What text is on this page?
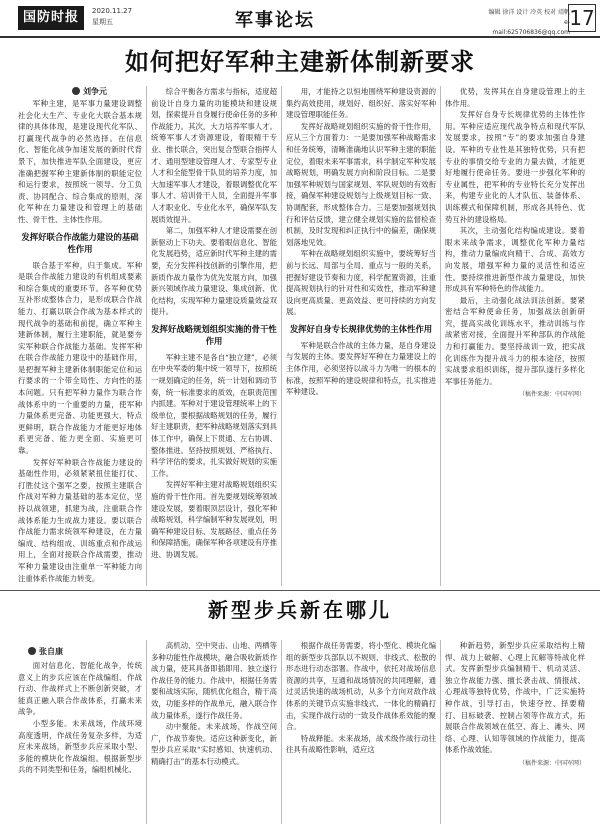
国防时报	2020.11.27
星期五	军事论坛	编辑 徐洋 设计 冷英 校对 靖帆
e-mail:625706836@qq.com
17
如何把好军种主建新体制新要求
刘争元

军种主建，是军事力量建设调整社会化大生产、专业化大联合基本规律的具体体现，是建设现代化军队、打赢现代战争的必然选择。在信息化、智能化战争加速发展的新时代背景下，加快推进军队全面建设，更应准确把握军种主建新体制的职能定位和运行要求，按照统一领导、分工负责、协同配合、综合集成的原则，深化军种在力量建设和管理上的基础性、骨干性、主体性作用。

发挥好联合作战能力建设的基础性作用

联合基于军种，归于集成。军种是联合作战能力建设的有机组成要素和综合集成的重要环节。各军种优势互补形成整体合力，是形成联合作战能力、打赢以联合作战为基本样式的现代战争的基础和前提，确立军种主建新体制，履行主建职能，就是要夯实军种联合作战能力基础。发挥军种在联合作战能力建设中的基础作用，是把握军种主建新体制职能定位和运行要求的一个带全局性、方向性的基本问题。只有把军种力量作为联合作战体系中的一个重要的力量，使军种力量体系更完备、功能更强大、特点更鲜明，联合作战能力才能更好地体系更完备、能力更全面、实施更可靠。

发挥好军种联合作战能力建设的基础性作用，必须紧紧扭住能打仗、打胜仗这个强军之要，按照主建联合作战对军种力量基础的基本定位，坚持以战领建，抓建为战，注重联合作战体系能力生成战力建设。要以联合作战能力需求统领军种建设，在力量编成、结构组成、训练重点和作战运用上，全面对接联合作战需要，推动军种力量建设由注重单一军种能力向注重体系作战能力转变。

综合平衡各方需求与指标，适度超前设计自身力量的功能模块和建设规划，探索提升自身履行使命任务的多种作战能力。其次，大力培养军事人才。统筹军事人才资源建设，着眼精干专业、推长联合，突出复合型联合指挥人才、通用型建设管理人才、专家型专业人才和全能型骨干队员的培养力度，加大加速军事人才建设，着眼调整优化军事人才、培训骨干人员，全面提升军事人才职业化、专业化水平，确保军队发展质效提升。

第二，加强军种人才建设需要在创新驱动上下功夫。要着眼信息化、智能化发展趋势，适应新时代军种主建的需要，充分发挥科技创新的引擎作用，把新质作战力量作为优先发展方向，加强新兴领域作战力量建设、集成创新、优化结构，实现军种力量建设质量效益双提升。

发挥好战略规划组织实施的骨干性作用

军种主建不是各自“独立建”，必须在中央军委的集中统一领导下，按照统一规划确定的任务，统一计划和调动节奏，统一标准要求的质效，在职责范围内抓建。军种对于建设管理统率上的下级单位，要根据战略规划的任务，履行好主建职责，把军种战略规划落实到具体工作中，确保上下贯通、左右协调、整体推进。坚持按照规划、严格执行、科学评估的要求，扎实做好规划的实施工作。

发挥好军种主建对战略规划组织实施的骨干性作用。首先要规划统筹领域建设发展，要着眼顶层设计，强化军种战略规划，科学编制军种发展规划，明确军种建设目标、发展路径、重点任务和保障措施，确保军种各项建设有序推进、协调发展。

用，才能持之以恒地围绕军种建设资源的集约高效使用，规划好、组织好、落实好军种建设管理职能任务。

发挥好战略规划组织实施的骨干性作用，应从三个方面着力：一是要加强军种战略需求和任务统筹，清晰准确地认识军种主建的职能定位，着眼未来军事需求，科学制定军种发展战略规划，明确发展方向和阶段目标。二是要加强军种规划与国家规划、军队规划的有效衔接，确保军种建设规划与上级规划目标一致、协调配套，形成整体合力。三是要加强规划执行和评估反馈，建立健全规划实施的监督检查机制，及时发现和纠正执行中的偏差，确保规划落地见效。

军种在战略规划组织实施中，要统筹好当前与长远、局部与全局、重点与一般的关系，把握好建设节奏和力度，科学配置资源，注重提高规划执行的针对性和实效性，推动军种建设向更高质量、更高效益、更可持续的方向发展。

发挥好自身专长规律优势的主体性作用

军种是联合作战的主体力量，是自身建设与发展的主体。要发挥好军种在力量建设上的主体作用，必须坚持以战斗力为唯一的根本的标准，按照军种的建设规律和特点，扎实推进军种建设。

优势，发挥其在自身建设管理上的主体作用。

发挥好自身专长规律优势的主体性作用。军种应适应现代战争特点和现代军队发展要求，按照“专”的要求加强自身建设。军种的专业性是其独特优势，只有把专业的事情交给专业的力量去做，才能更好地履行使命任务。要进一步强化军种的专业属性，把军种的专业特长充分发挥出来，构建专业化的人才队伍、装备体系、训练模式和保障机制，形成各具特色、优势互补的建设格局。

其次，主动强化结构编成建设。要着眼未来战争需求，调整优化军种力量结构，推动力量编成向精干、合成、高效方向发展，增强军种力量的灵活性和适应性。要持续推进新型作战力量建设，加快形成具有军种特色的作战能力。

最后，主动强化战法训法创新。要紧密结合军种使命任务，加强战法创新研究，提高实战化训练水平，推动训练与作战紧密对接，全面提升军种部队的作战能力和打赢能力。要坚持战训一致，把实战化训练作为提升战斗力的根本途径，按照实战要求组织训练，提升部队遂行多样化军事任务能力。

（稿件来源：中国军网）
新型步兵新在哪儿
张自康

面对信息化、智能化战争，传统意义上的步兵应该在作战编组、作战行动、作战样式上不断创新突破，才能真正融入联合作战体系，打赢未来战争。

小型多能。未来战场，作战环境高度透明，作战任务复杂多样，为适应未来战场，新型步兵应采取小型、多能的模块化作战编组。根据新型步兵的不同类型和任务，编组机械化、

高机动、空中突击、山地、两栖等多种功能性作战模块，融合吸收新质作战力量，使其具备即插即用、独立遂行作战任务的能力。作战中，根据任务需要和战场实际，随机优化组合，精干高效，功能多样的作战单元，融入联合作战力量体系，遂行作战任务。

动中聚能。未来战场，作战空间广，作战节奏快。适应这种新变化，新型步兵应采取“实时感知、快速机动、精确打击”的基本行动模式。

根据作战任务需要，将小型化、模块化编组的新型步兵部队以不规则、非线式、松散的形态进行动态部署。作战中，依托对战场信息资源的共享，互通和战场情况的共同理解，通过灵活快速的战场机动，从多个方向对敌作战体系的关键节点实施非线式、一体化的精确打击，实现作战行动的一致及作战体系效能的聚合。

特战释能。未来战场，战术级作战行动往往具有战略性影响，适应这

种新趋势，新型步兵应采取结构上精悍、战力上破解、心理上瓦解等特战化样式。发挥新型步兵编制精干、机动灵活、独立作战能力强、擅长袭击战、情报战、心理战等独特优势，作战中，广泛实施特种作战，引导打击，快速夺控、择要精打、目标破袭、控制占领等作战方式，拓展联合作战领域在低空、海上、滩头、网络、心理、认知等领域的作战能力，提高体系作战效能。

（稿件来源：中国军网）
